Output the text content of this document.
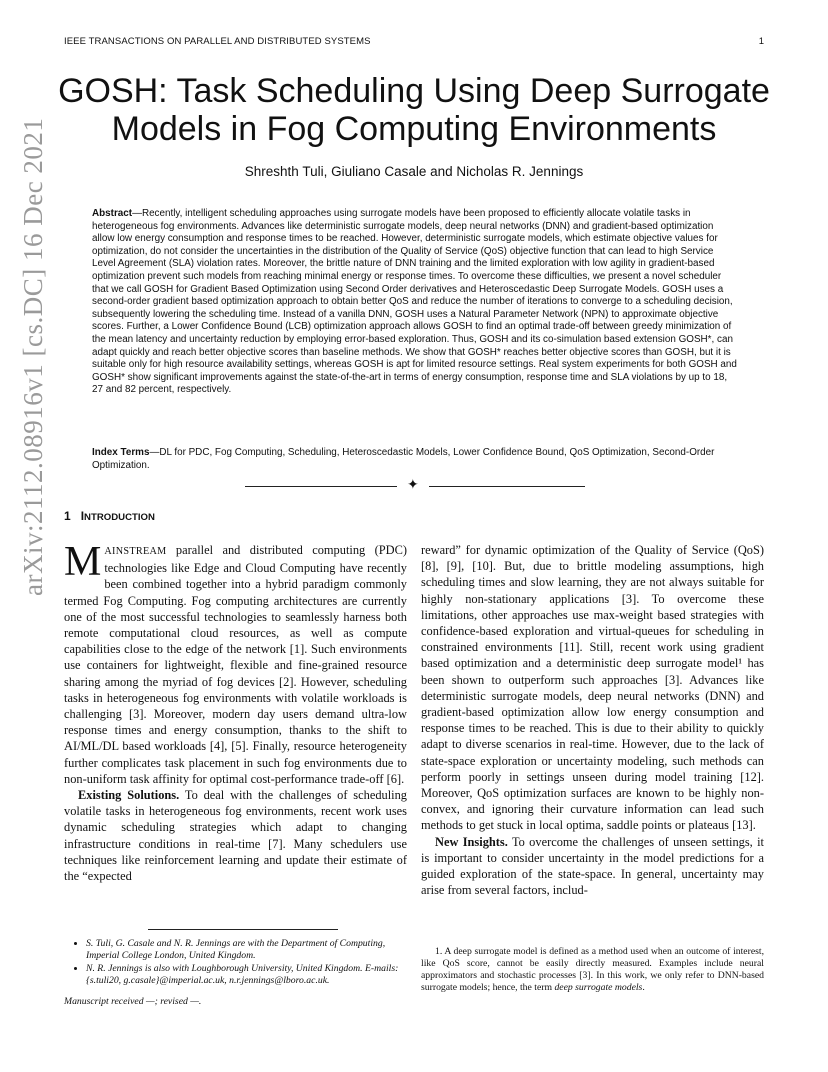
IEEE TRANSACTIONS ON PARALLEL AND DISTRIBUTED SYSTEMS	1
arXiv:2112.08916v1 [cs.DC] 16 Dec 2021
GOSH: Task Scheduling Using Deep Surrogate
Models in Fog Computing Environments
Shreshth Tuli, Giuliano Casale and Nicholas R. Jennings
Abstract—Recently, intelligent scheduling approaches using surrogate models have been proposed to efficiently allocate volatile tasks in heterogeneous fog environments. Advances like deterministic surrogate models, deep neural networks (DNN) and gradient-based optimization allow low energy consumption and response times to be reached. However, deterministic surrogate models, which estimate objective values for optimization, do not consider the uncertainties in the distribution of the Quality of Service (QoS) objective function that can lead to high Service Level Agreement (SLA) violation rates. Moreover, the brittle nature of DNN training and the limited exploration with low agility in gradient-based optimization prevent such models from reaching minimal energy or response times. To overcome these difficulties, we present a novel scheduler that we call GOSH for Gradient Based Optimization using Second Order derivatives and Heteroscedastic Deep Surrogate Models. GOSH uses a second-order gradient based optimization approach to obtain better QoS and reduce the number of iterations to converge to a scheduling decision, subsequently lowering the scheduling time. Instead of a vanilla DNN, GOSH uses a Natural Parameter Network (NPN) to approximate objective scores. Further, a Lower Confidence Bound (LCB) optimization approach allows GOSH to find an optimal trade-off between greedy minimization of the mean latency and uncertainty reduction by employing error-based exploration. Thus, GOSH and its co-simulation based extension GOSH*, can adapt quickly and reach better objective scores than baseline methods. We show that GOSH* reaches better objective scores than GOSH, but it is suitable only for high resource availability settings, whereas GOSH is apt for limited resource settings. Real system experiments for both GOSH and GOSH* show significant improvements against the state-of-the-art in terms of energy consumption, response time and SLA violations by up to 18, 27 and 82 percent, respectively.
Index Terms—DL for PDC, Fog Computing, Scheduling, Heteroscedastic Models, Lower Confidence Bound, QoS Optimization, Second-Order Optimization.
✦
1 INTRODUCTION

MAINSTREAM parallel and distributed computing (PDC) technologies like Edge and Cloud Computing have recently been combined together into a hybrid paradigm commonly termed Fog Computing. Fog computing architectures are currently one of the most successful technologies to seamlessly harness both remote computational cloud resources, as well as compute capabilities close to the edge of the network [1]. Such environments use containers for lightweight, flexible and fine-grained resource sharing among the myriad of fog devices [2]. However, scheduling tasks in heterogeneous fog environments with volatile workloads is challenging [3]. Moreover, modern day users demand ultra-low response times and energy consumption, thanks to the shift to AI/ML/DL based workloads [4], [5]. Finally, resource heterogeneity further complicates task placement in such fog environments due to non-uniform task affinity for optimal cost-performance trade-off [6].

Existing Solutions. To deal with the challenges of scheduling volatile tasks in heterogeneous fog environments, recent work uses dynamic scheduling strategies which adapt to changing infrastructure conditions in real-time [7]. Many schedulers use techniques like reinforcement learning and update their estimate of the “expected

reward” for dynamic optimization of the Quality of Service (QoS) [8], [9], [10]. But, due to brittle modeling assumptions, high scheduling times and slow learning, they are not always suitable for highly non-stationary applications [3]. To overcome these limitations, other approaches use max-weight based strategies with confidence-based exploration and virtual-queues for scheduling in constrained environments [11]. Still, recent work using gradient based optimization and a deterministic deep surrogate model¹ has been shown to outperform such approaches [3]. Advances like deterministic surrogate models, deep neural networks (DNN) and gradient-based optimization allow low energy consumption and response times to be reached. This is due to their ability to quickly adapt to diverse scenarios in real-time. However, due to the lack of state-space exploration or uncertainty modeling, such methods can perform poorly in settings unseen during model training [12]. Moreover, QoS optimization surfaces are known to be highly non-convex, and ignoring their curvature information can lead such methods to get stuck in local optima, saddle points or plateaus [13].

New Insights. To overcome the challenges of unseen settings, it is important to consider uncertainty in the model predictions for a guided exploration of the state-space. In general, uncertainty may arise from several factors, includ-

• S. Tuli, G. Casale and N. R. Jennings are with the Department of Computing, Imperial College London, United Kingdom.
• N. R. Jennings is also with Loughborough University, United Kingdom. E-mails: {s.tuli20, g.casale}@imperial.ac.uk, n.r.jennings@lboro.ac.uk.
Manuscript received —; revised —.

1. A deep surrogate model is defined as a method used when an outcome of interest, like QoS score, cannot be easily directly measured. Examples include neural approximators and stochastic processes [3]. In this work, we only refer to DNN-based surrogate models; hence, the term deep surrogate models.
